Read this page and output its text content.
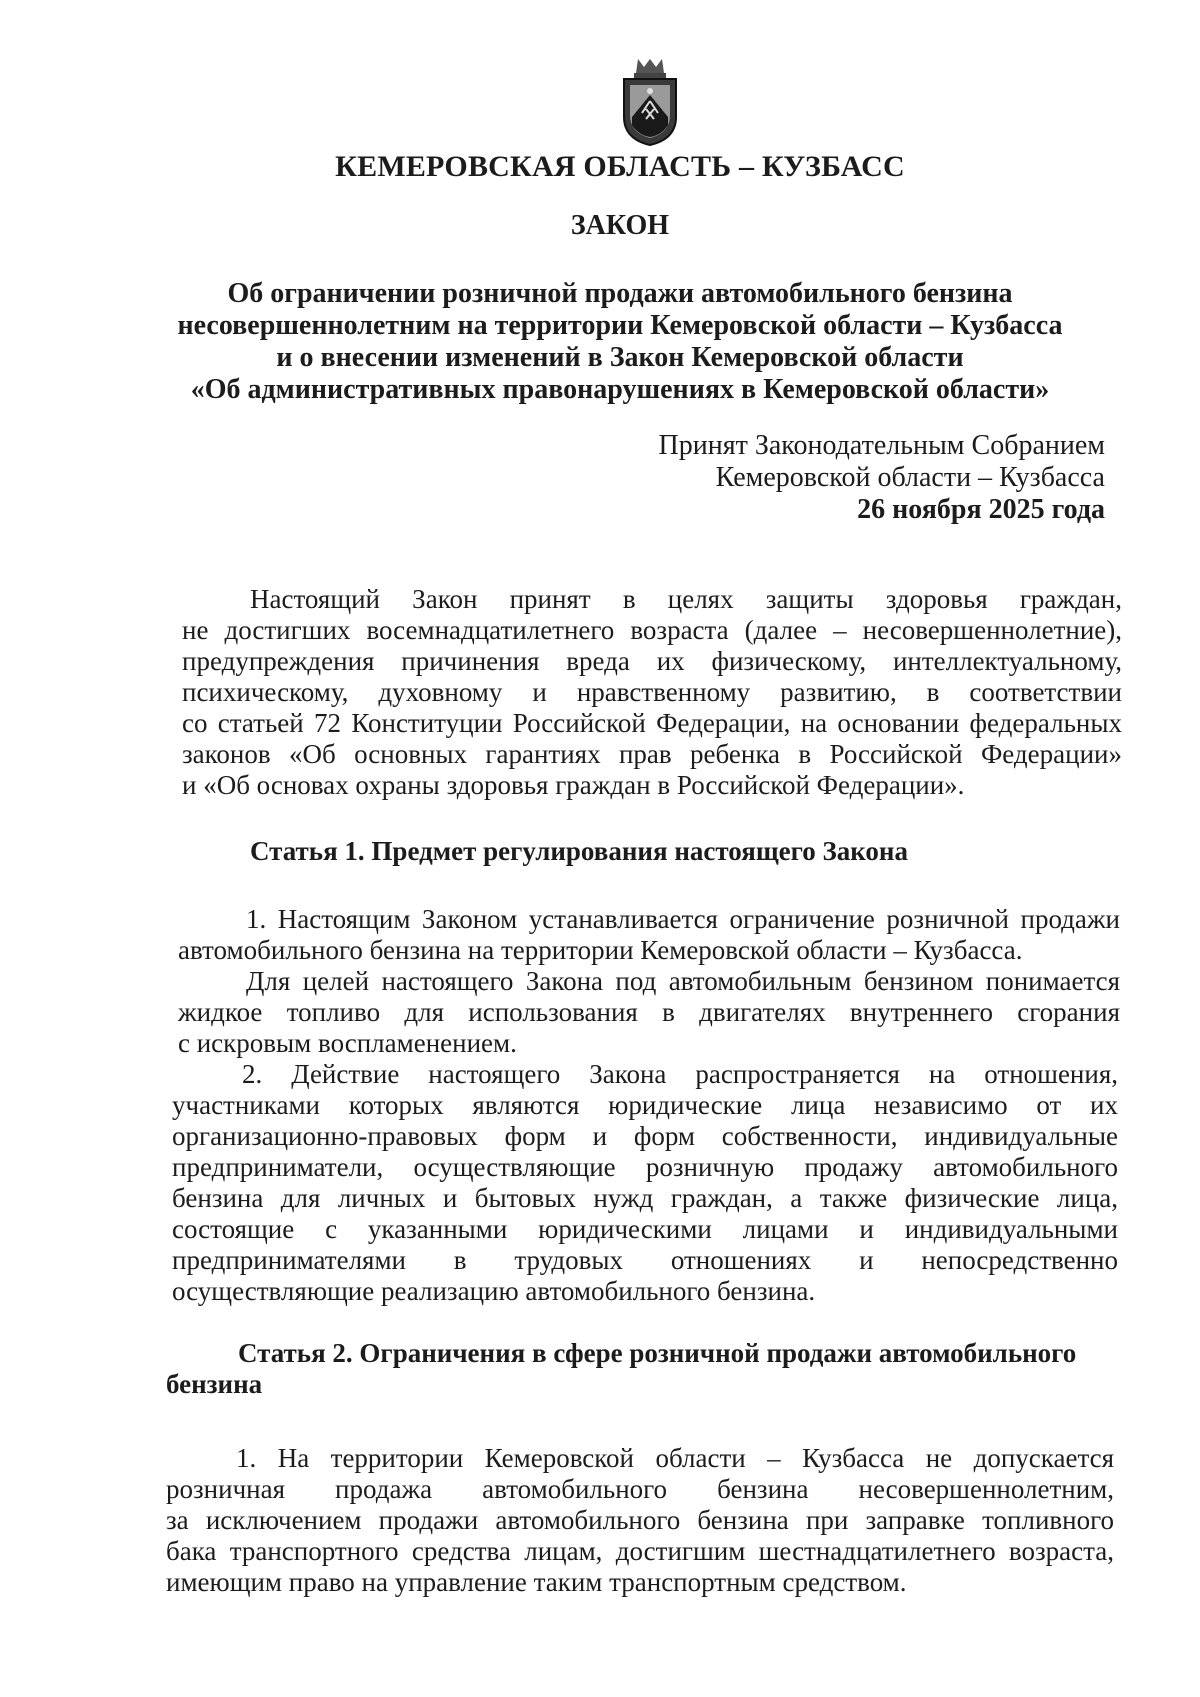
КЕМЕРОВСКАЯ ОБЛАСТЬ – КУЗБАСС
ЗАКОН
Об ограничении розничной продажи автомобильного бензина
несовершеннолетним на территории Кемеровской области – Кузбасса
и о внесении изменений в Закон Кемеровской области
«Об административных правонарушениях в Кемеровской области»
Принят Законодательным Собранием
Кемеровской области – Кузбасса
26 ноября 2025 года
Настоящий Закон принят в целях защиты здоровья граждан,
не достигших восемнадцатилетнего возраста (далее – несовершеннолетние),
предупреждения причинения вреда их физическому, интеллектуальному,
психическому, духовному и нравственному развитию, в соответствии
со статьей 72 Конституции Российской Федерации, на основании федеральных
законов «Об основных гарантиях прав ребенка в Российской Федерации»
и «Об основах охраны здоровья граждан в Российской Федерации».
Статья 1. Предмет регулирования настоящего Закона
1. Настоящим Законом устанавливается ограничение розничной продажи
автомобильного бензина на территории Кемеровской области – Кузбасса.
Для целей настоящего Закона под автомобильным бензином понимается
жидкое топливо для использования в двигателях внутреннего сгорания
с искровым воспламенением.
2. Действие настоящего Закона распространяется на отношения,
участниками которых являются юридические лица независимо от их
организационно-правовых форм и форм собственности, индивидуальные
предприниматели, осуществляющие розничную продажу автомобильного
бензина для личных и бытовых нужд граждан, а также физические лица,
состоящие с указанными юридическими лицами и индивидуальными
предпринимателями в трудовых отношениях и непосредственно
осуществляющие реализацию автомобильного бензина.
Статья 2. Ограничения в сфере розничной продажи автомобильного
бензина
1. На территории Кемеровской области – Кузбасса не допускается
розничная продажа автомобильного бензина несовершеннолетним,
за исключением продажи автомобильного бензина при заправке топливного
бака транспортного средства лицам, достигшим шестнадцатилетнего возраста,
имеющим право на управление таким транспортным средством.
